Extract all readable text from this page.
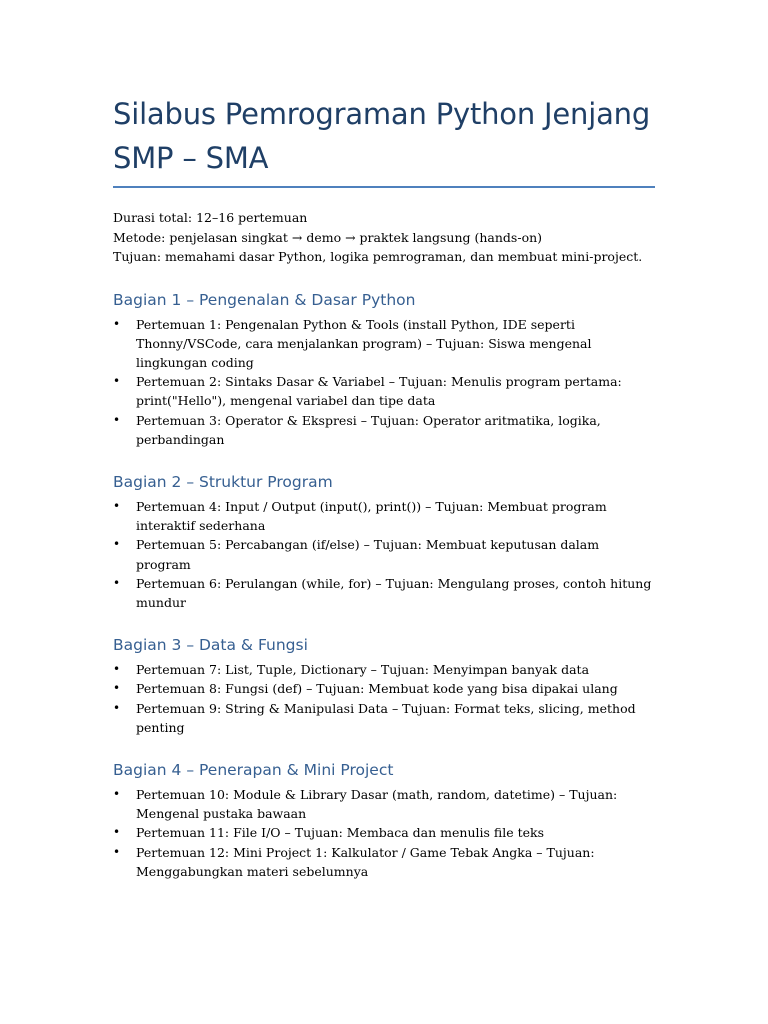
Silabus Pemrograman Python Jenjang SMP – SMA
Durasi total: 12–16 pertemuan
Metode: penjelasan singkat → demo → praktek langsung (hands-on)
Tujuan: memahami dasar Python, logika pemrograman, dan membuat mini-project.
Bagian 1 – Pengenalan & Dasar Python
• Pertemuan 1: Pengenalan Python & Tools (install Python, IDE seperti Thonny/VSCode, cara menjalankan program) – Tujuan: Siswa mengenal lingkungan coding
• Pertemuan 2: Sintaks Dasar & Variabel – Tujuan: Menulis program pertama: print("Hello"), mengenal variabel dan tipe data
• Pertemuan 3: Operator & Ekspresi – Tujuan: Operator aritmatika, logika, perbandingan
Bagian 2 – Struktur Program
• Pertemuan 4: Input / Output (input(), print()) – Tujuan: Membuat program interaktif sederhana
• Pertemuan 5: Percabangan (if/else) – Tujuan: Membuat keputusan dalam program
• Pertemuan 6: Perulangan (while, for) – Tujuan: Mengulang proses, contoh hitung mundur
Bagian 3 – Data & Fungsi
• Pertemuan 7: List, Tuple, Dictionary – Tujuan: Menyimpan banyak data
• Pertemuan 8: Fungsi (def) – Tujuan: Membuat kode yang bisa dipakai ulang
• Pertemuan 9: String & Manipulasi Data – Tujuan: Format teks, slicing, method penting
Bagian 4 – Penerapan & Mini Project
• Pertemuan 10: Module & Library Dasar (math, random, datetime) – Tujuan: Mengenal pustaka bawaan
• Pertemuan 11: File I/O – Tujuan: Membaca dan menulis file teks
• Pertemuan 12: Mini Project 1: Kalkulator / Game Tebak Angka – Tujuan: Menggabungkan materi sebelumnya
